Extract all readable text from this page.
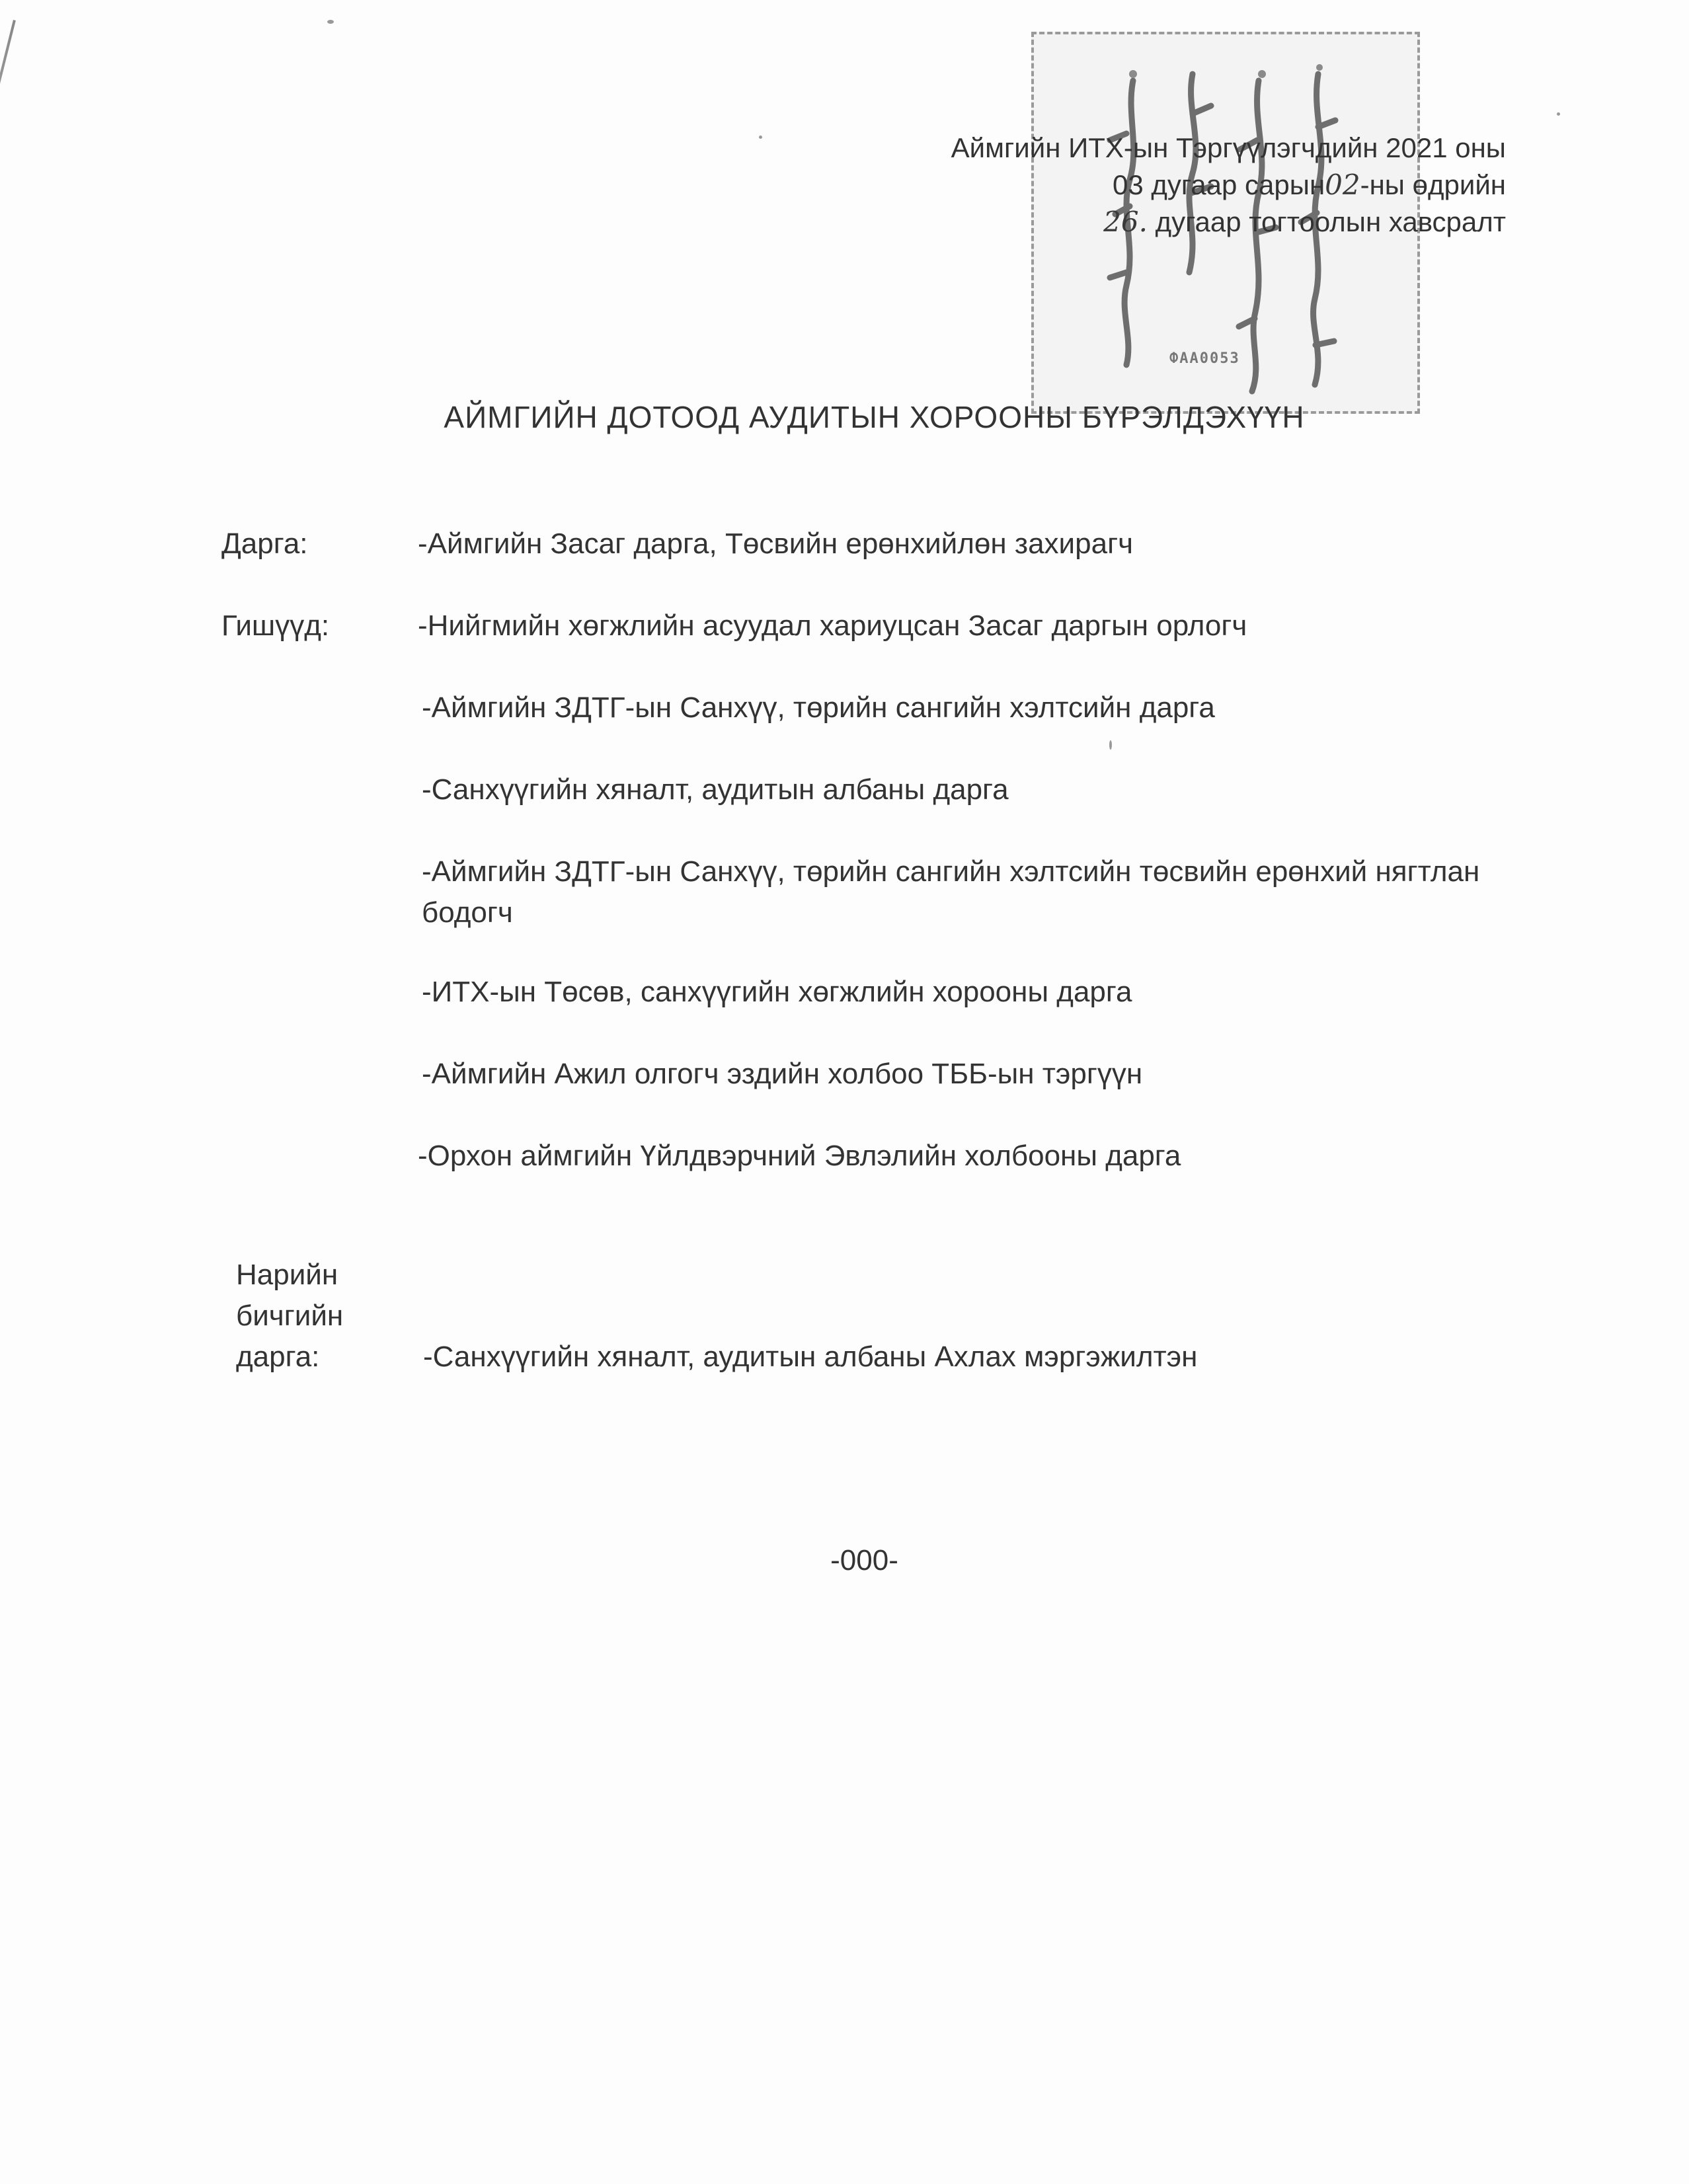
ФАА0053
Аймгийн ИТХ-ын Тэргүүлэгчдийн 2021 оны
03 дугаар сарын02-ны өдрийн
26. дугаар тогтоолын хавсралт
АЙМГИЙН ДОТООД АУДИТЫН ХОРООНЫ БҮРЭЛДЭХҮҮН
Дарга:	-Аймгийн Засаг дарга, Төсвийн ерөнхийлөн захирагч
Гишүүд:	-Нийгмийн хөгжлийн асуудал хариуцсан Засаг даргын орлогч
-Аймгийн ЗДТГ-ын Санхүү, төрийн сангийн хэлтсийн дарга
-Санхүүгийн хяналт, аудитын албаны дарга
-Аймгийн ЗДТГ-ын Санхүү, төрийн сангийн хэлтсийн төсвийн ерөнхий нягтлан бодогч
-ИТХ-ын Төсөв, санхүүгийн хөгжлийн хорооны дарга
-Аймгийн Ажил олгогч эздийн холбоо ТББ-ын тэргүүн
-Орхон аймгийн Үйлдвэрчний Эвлэлийн холбооны дарга
Нарийн
бичгийн
дарга:	-Санхүүгийн хяналт, аудитын албаны Ахлах мэргэжилтэн
-000-
